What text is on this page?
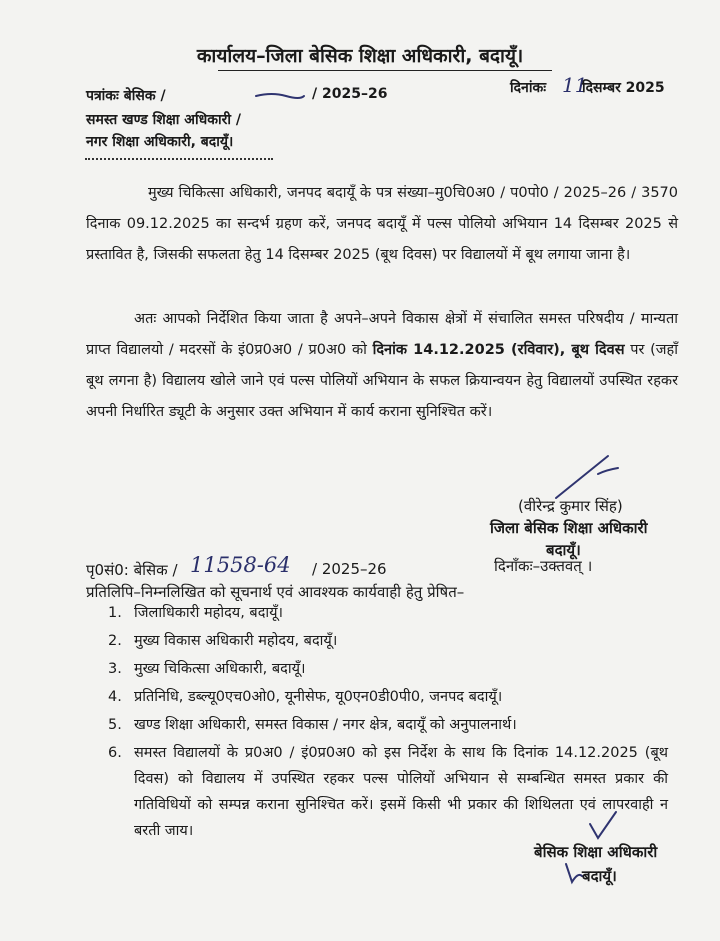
कार्यालय–जिला बेसिक शिक्षा अधिकारी, बदायूँ।
पत्रांकः बेसिक /	/ 2025–26	दिनांकः 11
दिसम्बर 2025
समस्त खण्ड शिक्षा अधिकारी /
नगर शिक्षा अधिकारी, बदायूँ।
मुख्य चिकित्सा अधिकारी, जनपद बदायूँ के पत्र संख्या–मु0चि0अ0 / प0पो0 / 2025–26 / 3570 दिनाक 09.12.2025 का सन्दर्भ ग्रहण करें, जनपद बदायूँ में पल्स पोलियो अभियान 14 दिसम्बर 2025 से प्रस्तावित है, जिसकी सफलता हेतु 14 दिसम्बर 2025 (बूथ दिवस) पर विद्यालयों में बूथ लगाया जाना है।
अतः आपको निर्देशित किया जाता है अपने–अपने विकास क्षेत्रों में संचालित समस्त परिषदीय / मान्यता प्राप्त विद्यालयो / मदरसों के इं0प्र0अ0 / प्र0अ0 को दिनांक 14.12.2025 (रविवार), बूथ दिवस पर (जहाँ बूथ लगना है) विद्यालय खोले जाने एवं पल्स पोलियों अभियान के सफल क्रियान्वयन हेतु विद्यालयों उपस्थित रहकर अपनी निर्धारित ड्यूटी के अनुसार उक्त अभियान में कार्य कराना सुनिश्चित करें।
(वीरेन्द्र कुमार सिंह)
जिला बेसिक शिक्षा अधिकारी
बदायूँ।
पृ0सं0: बेसिक / 11558-64 / 2025–26	दिनाँकः–उक्तवत् ।
प्रतिलिपि–निम्नलिखित को सूचनार्थ एवं आवश्यक कार्यवाही हेतु प्रेषित–
1. जिलाधिकारी महोदय, बदायूँ।
2. मुख्य विकास अधिकारी महोदय, बदायूँ।
3. मुख्य चिकित्सा अधिकारी, बदायूँ।
4. प्रतिनिधि, डब्ल्यू0एच0ओ0, यूनीसेफ, यू0एन0डी0पी0, जनपद बदायूँ।
5. खण्ड शिक्षा अधिकारी, समस्त विकास / नगर क्षेत्र, बदायूँ को अनुपालनार्थ।
6. समस्त विद्यालयों के प्र0अ0 / इं0प्र0अ0 को इस निर्देश के साथ कि दिनांक 14.12.2025 (बूथ दिवस) को विद्यालय में उपस्थित रहकर पल्स पोलियों अभियान से सम्बन्धित समस्त प्रकार की गतिविधियों को सम्पन्न कराना सुनिश्चित करें। इसमें किसी भी प्रकार की शिथिलता एवं लापरवाही न बरती जाय।
बेसिक शिक्षा अधिकारी
बदायूँ।
